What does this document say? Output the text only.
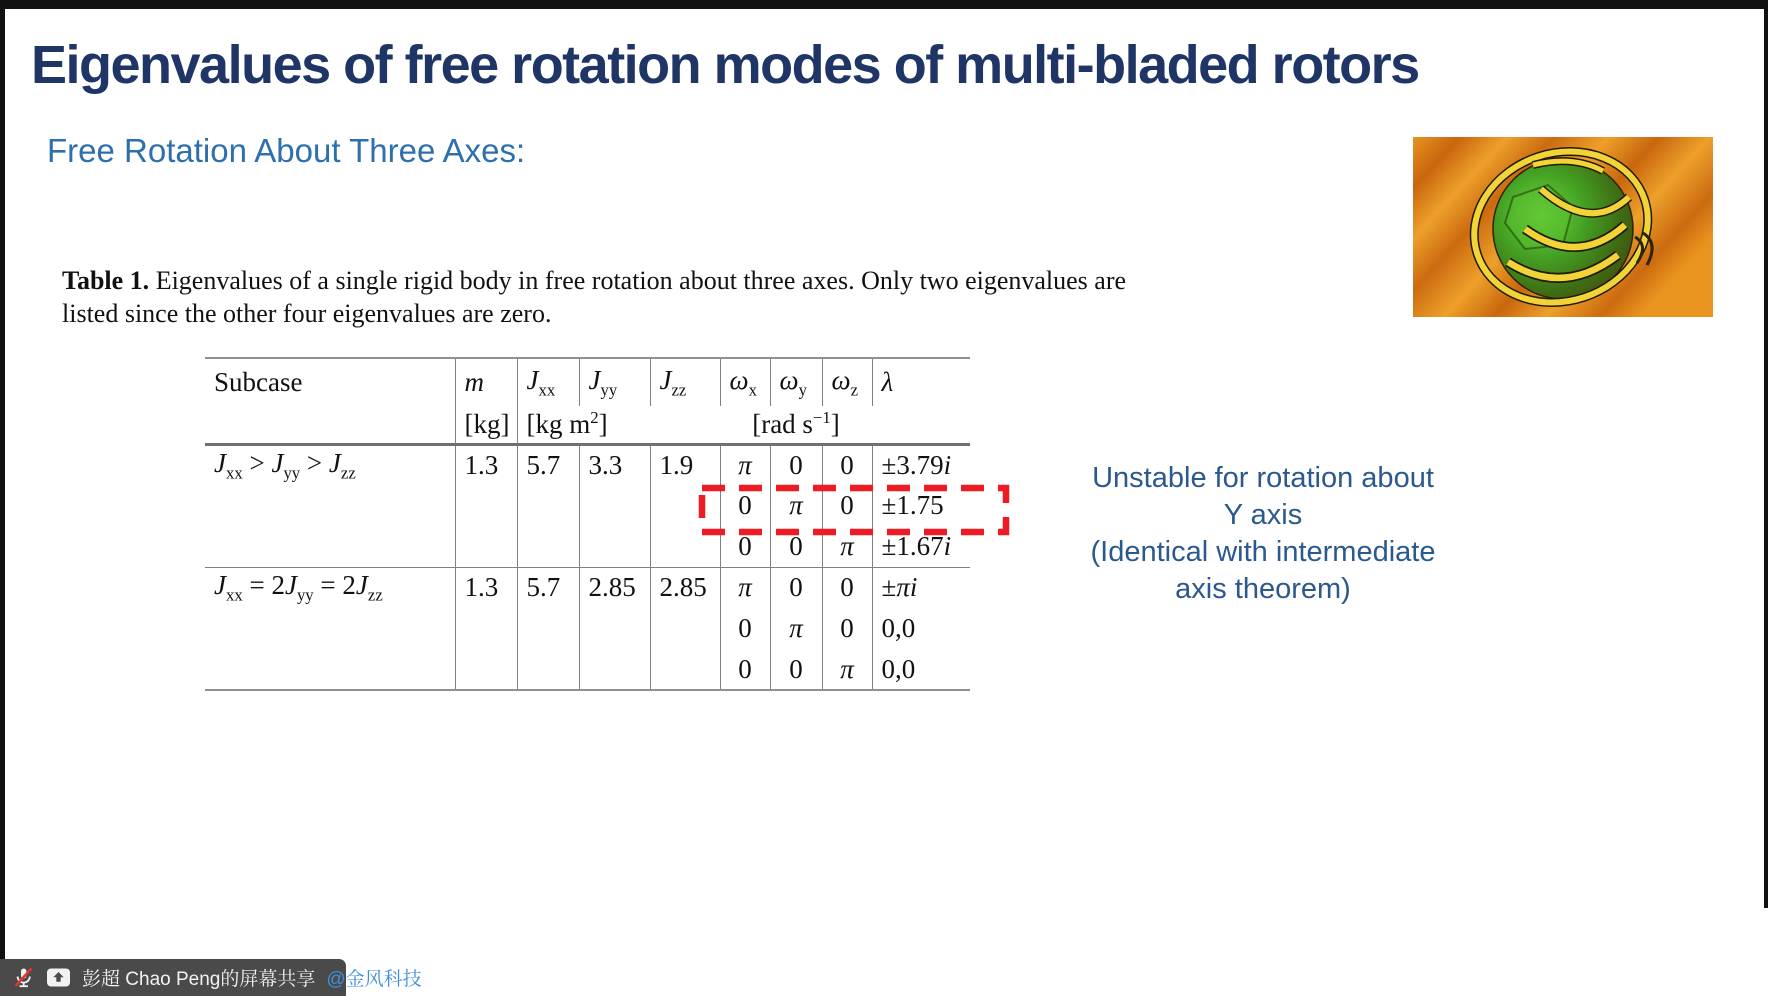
Eigenvalues of free rotation modes of multi-bladed rotors
Free Rotation About Three Axes:
Table 1. Eigenvalues of a single rigid body in free rotation about three axes. Only two eigenvalues are listed since the other four eigenvalues are zero.
Subcase	m	$J_{xx}$	$J_{yy}$	$J_{zz}$	$\omega_x$	$\omega_y$	$\omega_z$	λ
	[kg]	[kg $m^2$]			[rad $s^{-1}$]			
$J_{xx} > J_{yy} > J_{zz}$	1.3	5.7	3.3	1.9	π	0	0	±3.79i
					0	π	0	±1.75
					0	0	π	±1.67i
$J_{xx} = 2J_{yy} = 2J_{zz}$	1.3	5.7	2.85	2.85	π	0	0	±πi
					0	π	0	0,0
					0	0	π	0,0
Unstable for rotation about
Y axis
(Identical with intermediate
axis theorem)
彭超 Chao Peng的屏幕共享 @金风科技
